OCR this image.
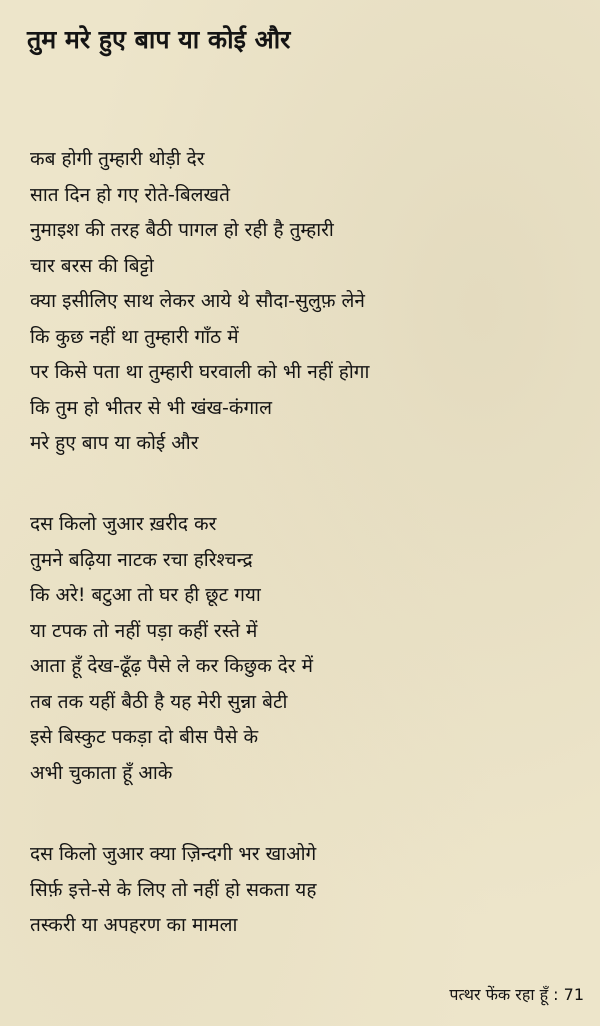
तुम मरे हुए बाप या कोई और
कब होगी तुम्हारी थोड़ी देर
सात दिन हो गए रोते-बिलखते
नुमाइश की तरह बैठी पागल हो रही है तुम्हारी
चार बरस की बिट्टो
क्या इसीलिए साथ लेकर आये थे सौदा-सुलुफ़ लेने
कि कुछ नहीं था तुम्हारी गाँठ में
पर किसे पता था तुम्हारी घरवाली को भी नहीं होगा
कि तुम हो भीतर से भी खंख-कंगाल
मरे हुए बाप या कोई और
दस किलो जुआर ख़रीद कर
तुमने बढ़िया नाटक रचा हरिश्चन्द्र
कि अरे! बटुआ तो घर ही छूट गया
या टपक तो नहीं पड़ा कहीं रस्ते में
आता हूँ देख-ढूँढ़ पैसे ले कर किछुक देर में
तब तक यहीं बैठी है यह मेरी सुन्ना बेटी
इसे बिस्कुट पकड़ा दो बीस पैसे के
अभी चुकाता हूँ आके
दस किलो जुआर क्या ज़िन्दगी भर खाओगे
सिर्फ़ इत्ते-से के लिए तो नहीं हो सकता यह
तस्करी या अपहरण का मामला
पत्थर फेंक रहा हूँ : 71
